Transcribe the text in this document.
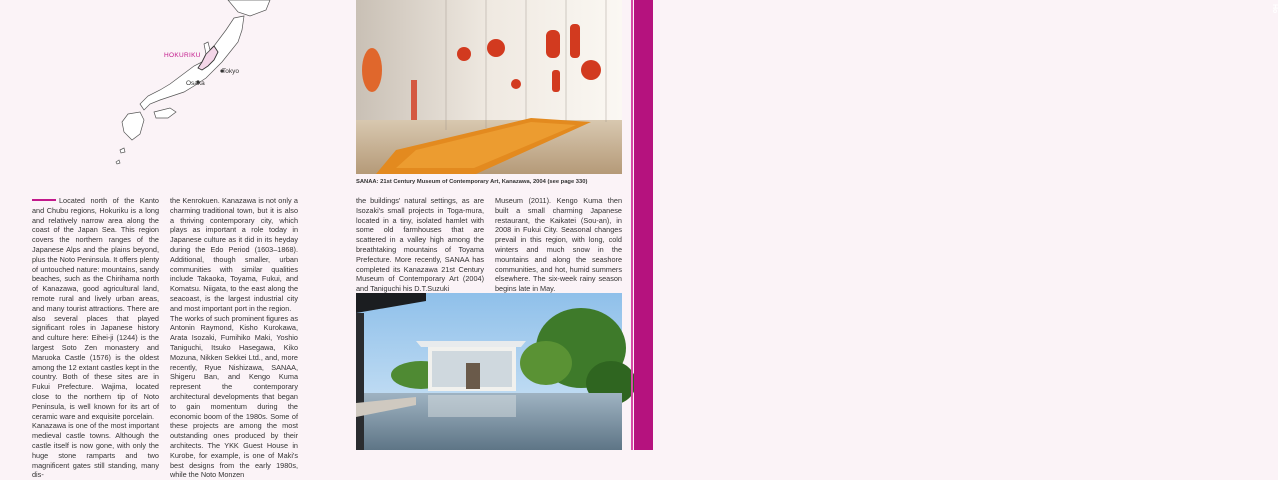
HOKURIKU
Tokyo
Osaka
SANAA: 21st Century Museum of Contemporary Art, Kanazawa, 2004 (see page 330)

Located north of the Kanto and Chubu regions, Hokuriku is a long and relatively narrow area along the coast of the Japan Sea. This region covers the northern ranges of the Japanese Alps and the plains beyond, plus the Noto Peninsula. It offers plenty of untouched nature: mountains, sandy beaches, such as the Chirihama north of Kanazawa, good agricultural land, remote rural and lively urban areas, and many tourist attractions. There are also several places that played significant roles in Japanese history and culture here: Eihei-ji (1244) is the largest Soto Zen monastery and Maruoka Castle (1576) is the oldest among the 12 extant castles kept in the country. Both of these sites are in Fukui Prefecture. Wajima, located close to the northern tip of Noto Peninsula, is well known for its art of ceramic ware and exquisite porcelain.

Kanazawa is one of the most important medieval castle towns. Although the castle itself is now gone, with only the huge stone ramparts and two magnificent gates still standing, many dis-

the Kenrokuen. Kanazawa is not only a charming traditional town, but it is also a thriving contemporary city, which plays as important a role today in Japanese culture as it did in its heyday during the Edo Period (1603–1868). Additional, though smaller, urban communities with similar qualities include Takaoka, Toyama, Fukui, and Komatsu. Niigata, to the east along the seacoast, is the largest industrial city and most important port in the region.

The works of such prominent figures as Antonin Raymond, Kisho Kurokawa, Arata Isozaki, Fumihiko Maki, Yoshio Taniguchi, Itsuko Hasegawa, Kiko Mozuna, Nikken Sekkei Ltd., and, more recently, Ryue Nishizawa, SANAA, Shigeru Ban, and Kengo Kuma represent the contemporary architectural developments that began to gain momentum during the economic boom of the 1980s. Some of these projects are among the most outstanding ones produced by their architects. The YKK Guest House in Kurobe, for example, is one of Maki's best designs from the early 1980s, while the Noto Monzen

the buildings' natural settings, as are Isozaki's small projects in Toga-mura, located in a tiny, isolated hamlet with some old farmhouses that are scattered in a valley high among the breathtaking mountains of Toyama Prefecture. More recently, SANAA has completed its Kanazawa 21st Century Museum of Contemporary Art (2004) and Taniguchi his D.T.Suzuki

Museum (2011). Kengo Kuma then built a small charming Japanese restaurant, the Kaikatei (Sou-an), in 2008 in Fukui City. Seasonal changes prevail in this region, with long, cold winters and much snow in the mountains and along the seashore communities, and hot, humid summers elsewhere. The six-week rainy season begins late in May.

Ho
